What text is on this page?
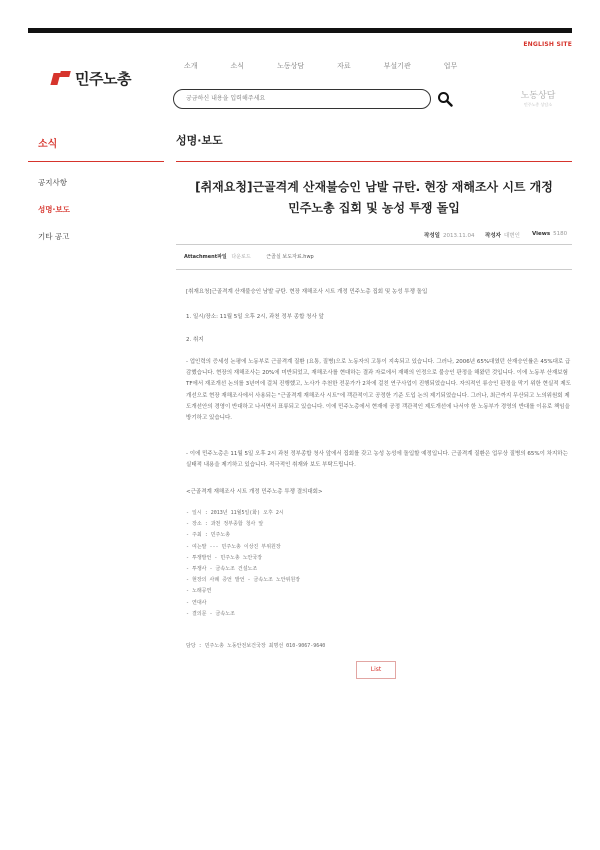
ENGLISH SITE
민주노총
소개	소식	노동상담	자료	부설기관	업무
궁금하신 내용을 입력해주세요
노동상담
민주노총 상담소
소식
공지사항
성명·보도
기타 공고
성명·보도
[취재요청]근골격계 산재불승인 남발 규탄. 현장 재해조사 시트 개정
민주노총 집회 및 농성 투쟁 돌입
작성일 2013.11.04 작성자 대변인 Views 5180
Attachment파일 다운로드	근골실 보도자료.hwp
[취재요청]근골격계 산재불승인 남발 규탄. 현장 재해조사 시트 개정 민주노총 집회 및 농성 투쟁 돌입
1. 일시/장소: 11월 5일 오후 2시, 과천 정부 종합 청사 앞
2. 취지
- 업인력의 증세성 논평에 노동부로 근골격계 질환 (요통, 질병)으로 노동자의 고통이 지속되고 있습니다. 그러나, 2006년 65%대였던 산재승인률은 45%대로 급감했습니다. 현장의 재해조사는 20%에 미반되었고, 재해조사를 현대하는 결과 자료에서 재해의 인정으로 불승인 판정을 해왔던 것입니다. 이에 노동부 산재보험 TF에서 재조개선 논의를 3년여에 걸쳐 진행했고, 노사가 추천한 전문가가 2차에 걸친 연구사업이 진행되었습니다. 자의적인 류승인 판정을 막기 위한 현실적 제도개선으로 현장 재해조사에서 사용되는 "근골격계 재해조사 시트"에 객관적이고 공정한 기준 도입 논의 제기되었습니다. 그러나, 최근까지 무산되고 노의위원회 제도개선안의 경영이 반대하고 나서면서 표류되고 있습니다. 이에 민주노총에서 현재에 공정 객관적인 제도개선에 나서야 한 노동부가 경영의 반대를 이유로 책임을 방기하고 있습니다.
- 이에 민주노총은 11월 5일 오후 2시 과천 정부종합 청사 앞에서 집회를 갖고 농성 농성에 돌입할 예정입니다. 근골격계 질환은 업무상 질병의 65%이 차지하는 실태적 내용을 제기하고 있습니다. 적극적인 취재와 보도 부탁드립니다.
<근골격계 재해조사 시트 개정 민주노총 투쟁 결의대회>
- 일시 : 2013년 11월5일(화) 오후 2시
- 장소 : 과천 정부종합 청사 앞
- 주최 : 민주노총
- 여는말 --- 민주노총 이상진 부위원장
- 투쟁발언 - 민주노총 노안국장
- 투쟁사 - 금속노조 건설노조
- 현장의 사례 증언 발언 - 금속노조 노안위원장
- 노래공연
- 연대사
- 결의문 - 금속노조
담당 : 민주노총 노동안전보건국장 최명선 010-9067-9640
List
